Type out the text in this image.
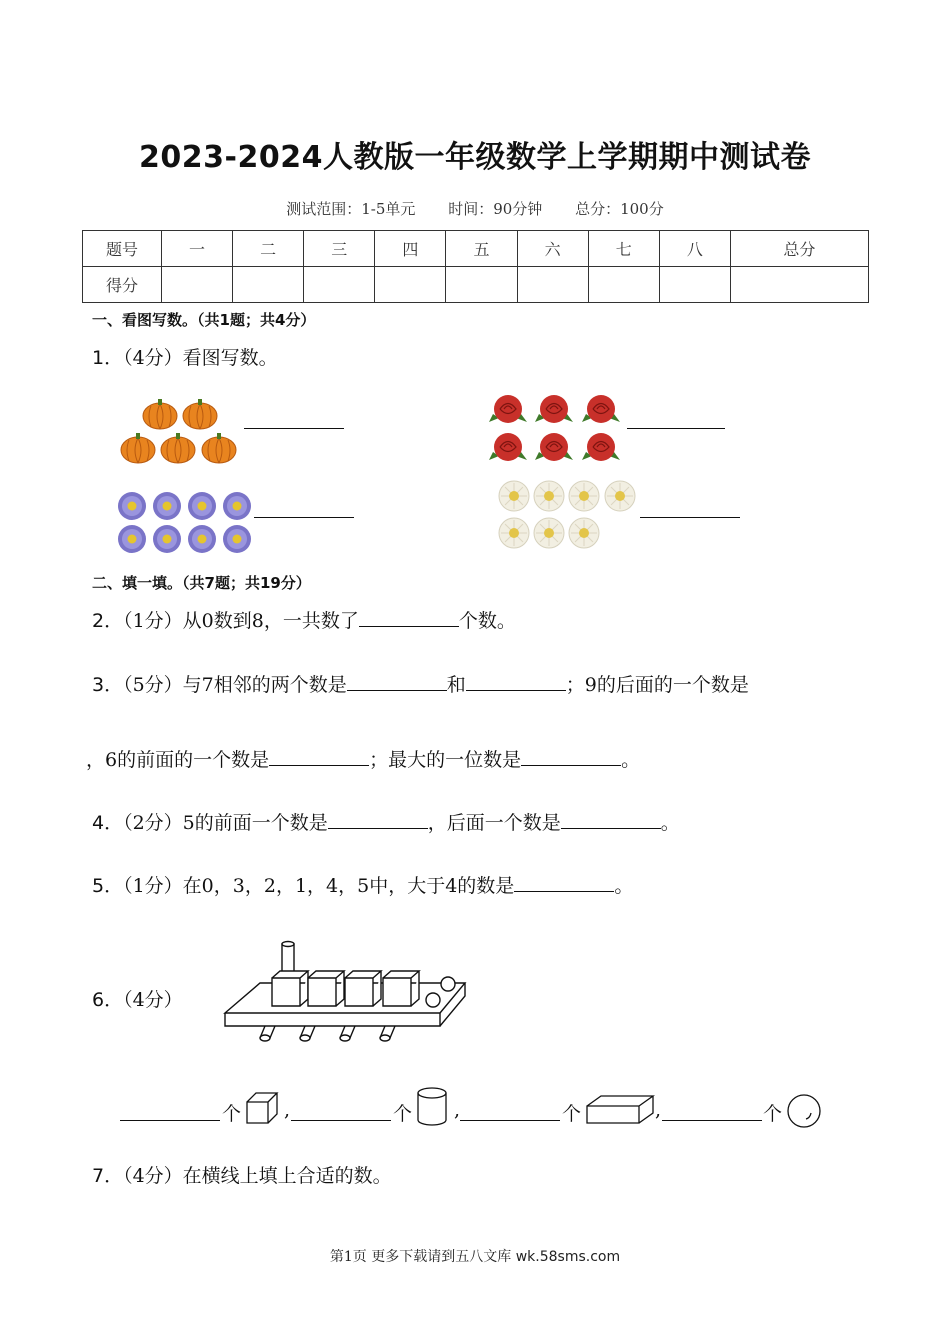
2023-2024人教版一年级数学上学期期中测试卷
测试范围：1-5单元 时间：90分钟 总分：100分
题号	一	二	三	四	五	六	七	八	总分
得分									
一、看图写数。（共1题；共4分）
1．（4分）看图写数。
二、填一填。（共7题；共19分）
2．（1分）从0数到8，一共数了	个数。
3．（5分）与7相邻的两个数是	和	；9的后面的一个数是
，6的前面的一个数是	；最大的一位数是	。
4．（2分）5的前面一个数是	，后面一个数是	。
5．（1分）在0，3，2，1，4，5中，大于4的数是	。
6．（4分）
个 ,	个 ,	个	,	个
7．（4分）在横线上填上合适的数。
第1页 更多下载请到五八文库 wk.58sms.com
